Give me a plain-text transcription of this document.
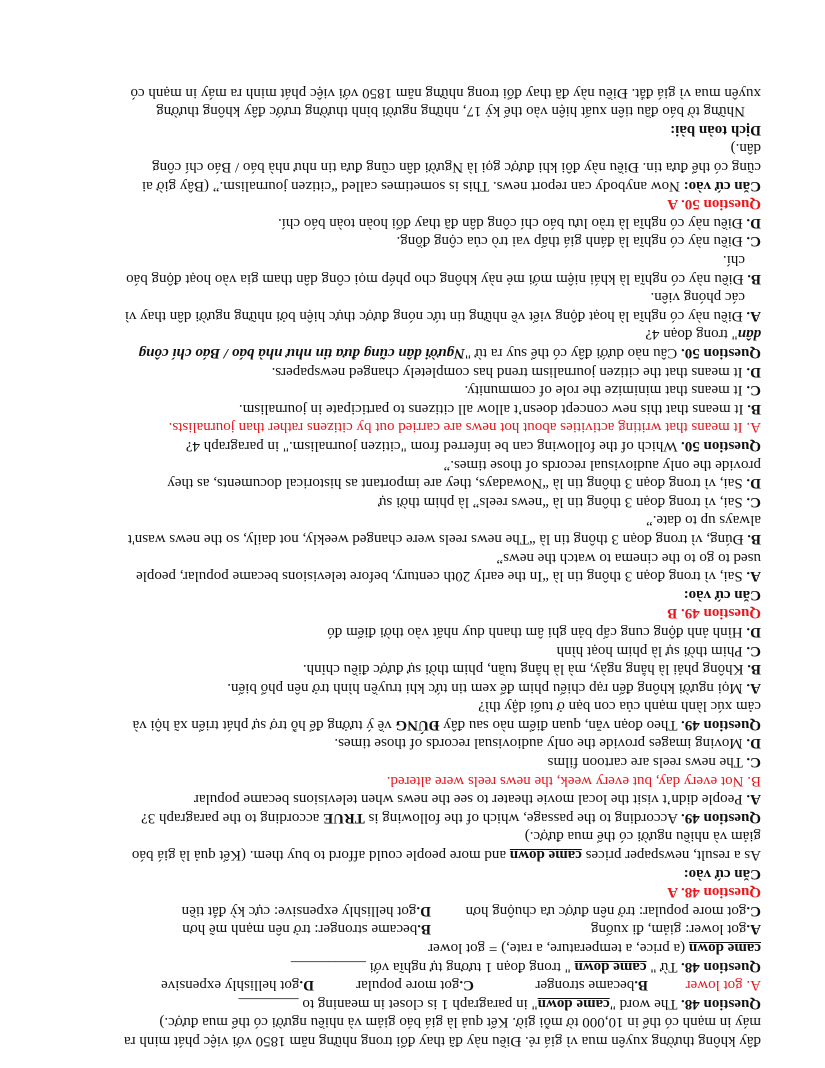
đây không thường xuyên mua vì giá rẻ. Điều này đã thay đổi trong những năm 1850 với việc phát minh ra
máy in mạnh có thể in 10,000 tờ mỗi giờ. Kết quả là giá báo giảm và nhiều người có thể mua được.)
Question 48. The word "came down" in paragraph 1 is closet in meaning to ________
A. got lower
B.became stronger
C.got more popular
D.got hellishly expensive
Question 48. Từ " came down " trong đoạn 1 tương tự nghĩa với __________
came down (a price, a temperature, a rate,) = got lower
A.got lower: giảm, đi xuống
B.became stronger: trở nên mạnh mẽ hơn
C.got more popular: trở nên được ưa chuộng hơn
D.got hellishly expensive: cực kỳ đắt tiền
Question 48. A
Căn cứ vào:
As a result, newspaper prices came down and more people could afford to buy them. (Kết quả là giá báo
giảm và nhiều người có thể mua được.)
Question 49. According to the passage, which of the following is TRUE according to the paragraph 3?
A. People didn’t visit the local movie theater to see the news when televisions became popular
B. Not every day, but every week, the news reels were altered.
C. The news reels are cartoon films
D. Moving images provide the only audiovisual records of those times.
Question 49. Theo đoạn văn, quan điểm nào sau đây ĐÚNG về ý tưởng để hỗ trợ sự phát triển xã hội và
cảm xúc lành mạnh của con bạn ở tuổi dậy thì?
A. Mọi người không đến rạp chiếu phim để xem tin tức khi truyền hình trở nên phổ biến.
B. Không phải là hằng ngày, mà là hằng tuần, phim thời sự được điều chỉnh.
C. Phim thời sự là phim hoạt hình
D. Hình ảnh động cung cấp bản ghi âm thanh duy nhất vào thời điểm đó
Question 49. B
Căn cứ vào:
A. Sai, vì trong đoạn 3 thông tin là “In the early 20th century, before televisions became popular, people
used to go to the cinema to watch the news”
B. Đúng, vì trong đoạn 3 thông tin là “The news reels were changed weekly, not daily, so the news wasn't
always up to date.”
C. Sai, vì trong đoạn 3 thông tin là “news reels” là phim thời sự
D. Sai, vì trong đoạn 3 thông tin là “Nowadays, they are important as historical documents, as they
provide the only audiovisual records of those times.”
Question 50. Which of the following can be inferred from "citizen journalism." in paragraph 4?
A. It means that writing activities about hot news are carried out by citizens rather than journalists.
B. It means that this new concept doesn’t allow all citizens to participate in journalism.
C. It means that minimize the role of community.
D. It means that the citizen journalism trend has completely changed newspapers.
Question 50. Câu nào dưới đây có thể suy ra từ "Người dân cũng đưa tin như nhà báo / Báo chí công
dân" trong đoạn 4?
A. Điều này có nghĩa là hoạt động viết về những tin tức nóng được thực hiện bởi những người dân thay vì
các phóng viên.
B. Điều này có nghĩa là khái niệm mới mẻ này không cho phép mọi công dân tham gia vào hoạt động báo
chí.
C. Điều này có nghĩa là đánh giá thấp vai trò của cộng đồng.
D. Điều này có nghĩa là trào lưu báo chí công dân đã thay đổi hoàn toàn báo chí.
Question 50. A
Căn cứ vào: Now anybody can report news. This is sometimes called “citizen journalism.” (Bây giờ ai
cũng có thể đưa tin. Điều này đôi khi được gọi là Người dân cũng đưa tin như nhà báo / Báo chí công
dân.)
Dịch toàn bài:
Những tờ báo đầu tiên xuất hiện vào thế kỷ 17, những người bình thường trước đây không thường
xuyên mua vì giá đắt. Điều này đã thay đổi trong những năm 1850 với việc phát minh ra máy in mạnh có
